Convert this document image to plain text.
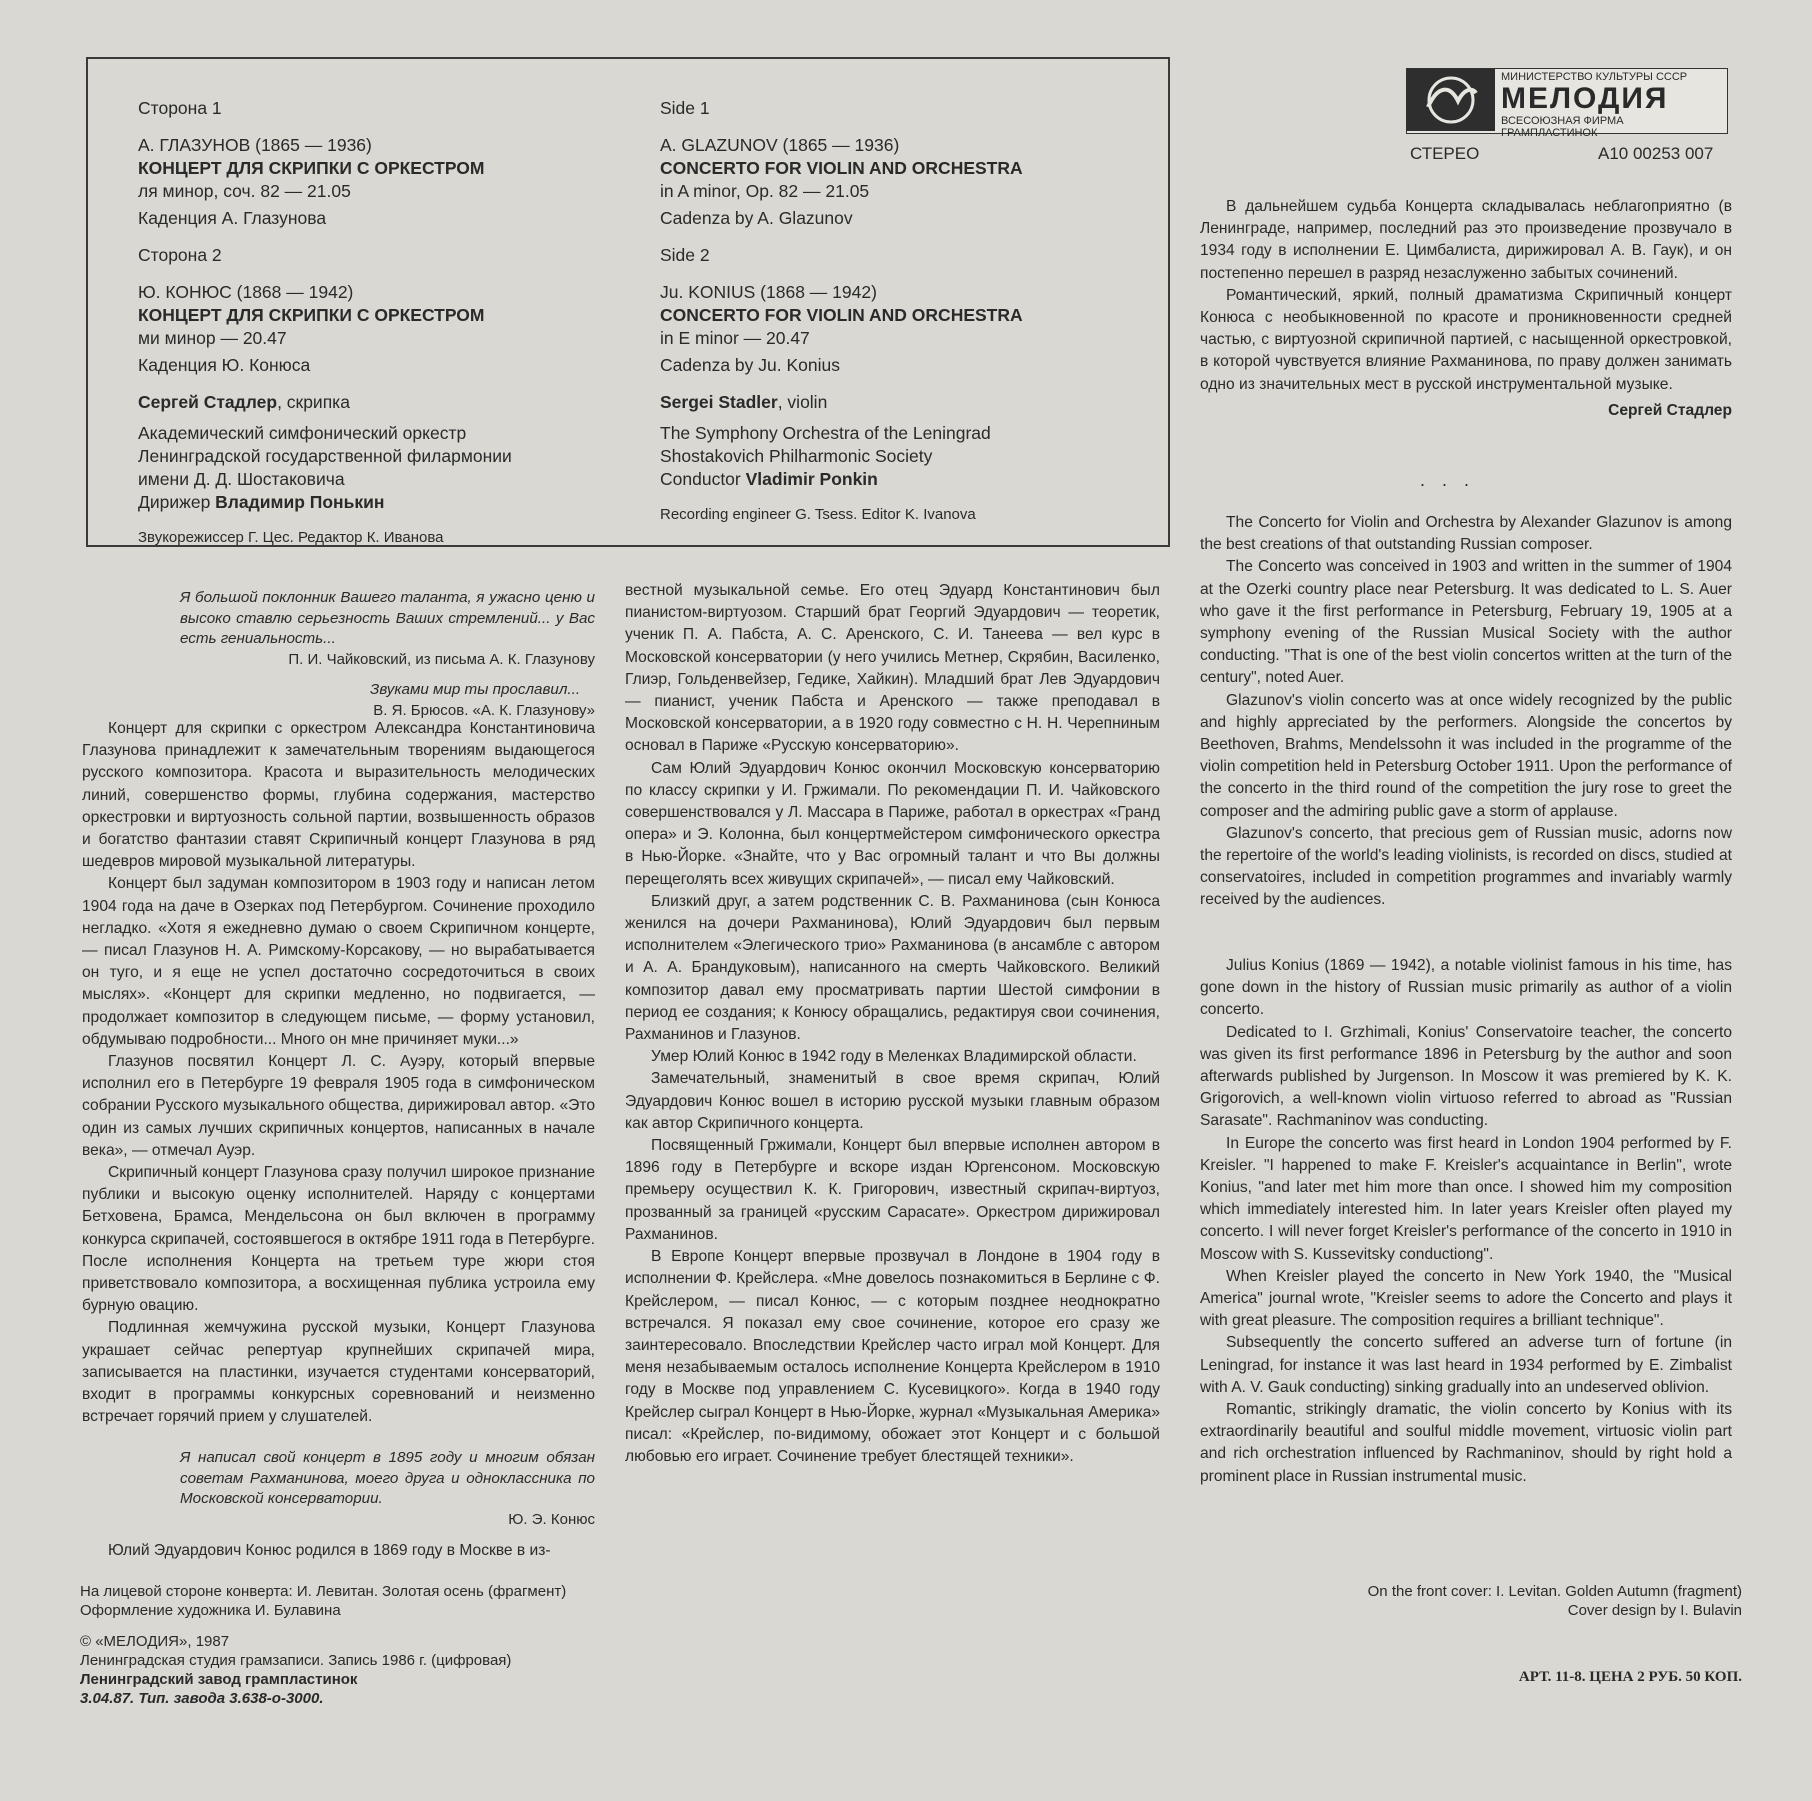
Сторона 1

А. ГЛАЗУНОВ (1865 — 1936)

КОНЦЕРТ ДЛЯ СКРИПКИ С ОРКЕСТРОМ

ля минор, соч. 82 — 21.05

Каденция А. Глазунова

Сторона 2

Ю. КОНЮС (1868 — 1942)

КОНЦЕРТ ДЛЯ СКРИПКИ С ОРКЕСТРОМ

ми минор — 20.47

Каденция Ю. Конюса

Сергей Стадлер, скрипка

Академический симфонический оркестр

Ленинградской государственной филармонии

имени Д. Д. Шостаковича

Дирижер Владимир Понькин

Звукорежиссер Г. Цес. Редактор К. Иванова

Side 1

A. GLAZUNOV (1865 — 1936)

CONCERTO FOR VIOLIN AND ORCHESTRA

in A minor, Op. 82 — 21.05

Cadenza by A. Glazunov

Side 2

Ju. KONIUS (1868 — 1942)

CONCERTO FOR VIOLIN AND ORCHESTRA

in E minor — 20.47

Cadenza by Ju. Konius

Sergei Stadler, violin

The Symphony Orchestra of the Leningrad

Shostakovich Philharmonic Society

Conductor Vladimir Ponkin

Recording engineer G. Tsess. Editor K. Ivanova

МИНИСТЕРСТВО КУЛЬТУРЫ СССР
МЕЛОДИЯ
ВСЕСОЮЗНАЯ ФИРМА ГРАМПЛАСТИНОК
СТЕРЕО	A10 00253 007
Я большой поклонник Вашего таланта, я ужасно ценю и высоко ставлю серьезность Ваших стремлений... у Вас есть гениальность...
П. И. Чайковский, из письма А. К. Глазунову
Звуками мир ты прославил...
В. Я. Брюсов. «А. К. Глазунову»

Концерт для скрипки с оркестром Александра Константиновича Глазунова принадлежит к замечательным творениям выдающегося русского композитора. Красота и выразительность мелодических линий, совершенство формы, глубина содержания, мастерство оркестровки и виртуозность сольной партии, возвышенность образов и богатство фантазии ставят Скрипичный концерт Глазунова в ряд шедевров мировой музыкальной литературы.

Концерт был задуман композитором в 1903 году и написан летом 1904 года на даче в Озерках под Петербургом. Сочинение проходило негладко. «Хотя я ежедневно думаю о своем Скрипичном концерте, — писал Глазунов Н. А. Римскому-Корсакову, — но вырабатывается он туго, и я еще не успел достаточно сосредоточиться в своих мыслях». «Концерт для скрипки медленно, но подвигается, — продолжает композитор в следующем письме, — форму установил, обдумываю подробности... Много он мне причиняет муки...»

Глазунов посвятил Концерт Л. С. Ауэру, который впервые исполнил его в Петербурге 19 февраля 1905 года в симфоническом собрании Русского музыкального общества, дирижировал автор. «Это один из самых лучших скрипичных концертов, написанных в начале века», — отмечал Ауэр.

Скрипичный концерт Глазунова сразу получил широкое признание публики и высокую оценку исполнителей. Наряду с концертами Бетховена, Брамса, Мендельсона он был включен в программу конкурса скрипачей, состоявшегося в октябре 1911 года в Петербурге. После исполнения Концерта на третьем туре жюри стоя приветствовало композитора, а восхищенная публика устроила ему бурную овацию.

Подлинная жемчужина русской музыки, Концерт Глазунова украшает сейчас репертуар крупнейших скрипачей мира, записывается на пластинки, изучается студентами консерваторий, входит в программы конкурсных соревнований и неизменно встречает горячий прием у слушателей.

Я написал свой концерт в 1895 году и многим обязан советам Рахманинова, моего друга и одноклассника по Московской консерватории.
Ю. Э. Конюс

Юлий Эдуардович Конюс родился в 1869 году в Москве в из-

вестной музыкальной семье. Его отец Эдуард Константинович был пианистом-виртуозом. Старший брат Георгий Эдуардович — теоретик, ученик П. А. Пабста, А. С. Аренского, С. И. Танеева — вел курс в Московской консерватории (у него учились Метнер, Скрябин, Василенко, Глиэр, Гольденвейзер, Гедике, Хайкин). Младший брат Лев Эдуардович — пианист, ученик Пабста и Аренского — также преподавал в Московской консерватории, а в 1920 году совместно с Н. Н. Черепниным основал в Париже «Русскую консерваторию».

Сам Юлий Эдуардович Конюс окончил Московскую консерваторию по классу скрипки у И. Гржимали. По рекомендации П. И. Чайковского совершенствовался у Л. Массара в Париже, работал в оркестрах «Гранд опера» и Э. Колонна, был концертмейстером симфонического оркестра в Нью-Йорке. «Знайте, что у Вас огромный талант и что Вы должны перещеголять всех живущих скрипачей», — писал ему Чайковский.

Близкий друг, а затем родственник С. В. Рахманинова (сын Конюса женился на дочери Рахманинова), Юлий Эдуардович был первым исполнителем «Элегического трио» Рахманинова (в ансамбле с автором и А. А. Брандуковым), написанного на смерть Чайковского. Великий композитор давал ему просматривать партии Шестой симфонии в период ее создания; к Конюсу обращались, редактируя свои сочинения, Рахманинов и Глазунов.

Умер Юлий Конюс в 1942 году в Меленках Владимирской области.

Замечательный, знаменитый в свое время скрипач, Юлий Эдуардович Конюс вошел в историю русской музыки главным образом как автор Скрипичного концерта.

Посвященный Гржимали, Концерт был впервые исполнен автором в 1896 году в Петербурге и вскоре издан Юргенсоном. Московскую премьеру осуществил К. К. Григорович, известный скрипач-виртуоз, прозванный за границей «русским Сарасате». Оркестром дирижировал Рахманинов.

В Европе Концерт впервые прозвучал в Лондоне в 1904 году в исполнении Ф. Крейслера. «Мне довелось познакомиться в Берлине с Ф. Крейслером, — писал Конюс, — с которым позднее неоднократно встречался. Я показал ему свое сочинение, которое его сразу же заинтересовало. Впоследствии Крейслер часто играл мой Концерт. Для меня незабываемым осталось исполнение Концерта Крейслером в 1910 году в Москве под управлением С. Кусевицкого». Когда в 1940 году Крейслер сыграл Концерт в Нью-Йорке, журнал «Музыкальная Америка» писал: «Крейслер, по-видимому, обожает этот Концерт и с большой любовью его играет. Сочинение требует блестящей техники».

В дальнейшем судьба Концерта складывалась неблагоприятно (в Ленинграде, например, последний раз это произведение прозвучало в 1934 году в исполнении Е. Цимбалиста, дирижировал А. В. Гаук), и он постепенно перешел в разряд незаслуженно забытых сочинений.

Романтический, яркий, полный драматизма Скрипичный концерт Конюса с необыкновенной по красоте и проникновенности средней частью, с виртуозной скрипичной партией, с насыщенной оркестровкой, в которой чувствуется влияние Рахманинова, по праву должен занимать одно из значительных мест в русской инструментальной музыке.

Сергей Стадлер

. . .

The Concerto for Violin and Orchestra by Alexander Glazunov is among the best creations of that outstanding Russian composer.

The Concerto was conceived in 1903 and written in the summer of 1904 at the Ozerki country place near Petersburg. It was dedicated to L. S. Auer who gave it the first performance in Petersburg, February 19, 1905 at a symphony evening of the Russian Musical Society with the author conducting. "That is one of the best violin concertos written at the turn of the century", noted Auer.

Glazunov's violin concerto was at once widely recognized by the public and highly appreciated by the performers. Alongside the concertos by Beethoven, Brahms, Mendelssohn it was included in the programme of the violin competition held in Petersburg October 1911. Upon the performance of the concerto in the third round of the competition the jury rose to greet the composer and the admiring public gave a storm of applause.

Glazunov's concerto, that precious gem of Russian music, adorns now the repertoire of the world's leading violinists, is recorded on discs, studied at conservatoires, included in competition programmes and invariably warmly received by the audiences.

Julius Konius (1869 — 1942), a notable violinist famous in his time, has gone down in the history of Russian music primarily as author of a violin concerto.

Dedicated to I. Grzhimali, Konius' Conservatoire teacher, the concerto was given its first performance 1896 in Petersburg by the author and soon afterwards published by Jurgenson. In Moscow it was premiered by K. K. Grigorovich, a well-known violin virtuoso referred to abroad as "Russian Sarasate". Rachmaninov was conducting.

In Europe the concerto was first heard in London 1904 performed by F. Kreisler. "I happened to make F. Kreisler's acquaintance in Berlin", wrote Konius, "and later met him more than once. I showed him my composition which immediately interested him. In later years Kreisler often played my concerto. I will never forget Kreisler's performance of the concerto in 1910 in Moscow with S. Kussevitsky conductiong".

When Kreisler played the concerto in New York 1940, the "Musical America" journal wrote, "Kreisler seems to adore the Concerto and plays it with great pleasure. The composition requires a brilliant technique".

Subsequently the concerto suffered an adverse turn of fortune (in Leningrad, for instance it was last heard in 1934 performed by E. Zimbalist with A. V. Gauk conducting) sinking gradually into an undeserved oblivion.

Romantic, strikingly dramatic, the violin concerto by Konius with its extraordinarily beautiful and soulful middle movement, virtuosic violin part and rich orchestration influenced by Rachmaninov, should by right hold a prominent place in Russian instrumental music.

На лицевой стороне конверта: И. Левитан. Золотая осень (фрагмент)
Оформление художника И. Булавина
On the front cover: I. Levitan. Golden Autumn (fragment)
Cover design by I. Bulavin
© «МЕЛОДИЯ», 1987
Ленинградская студия грамзаписи. Запись 1986 г. (цифровая)
Ленинградский завод грампластинок
3.04.87. Тип. завода 3.638-о-3000.
АРТ. 11-8. ЦЕНА 2 РУБ. 50 КОП.
